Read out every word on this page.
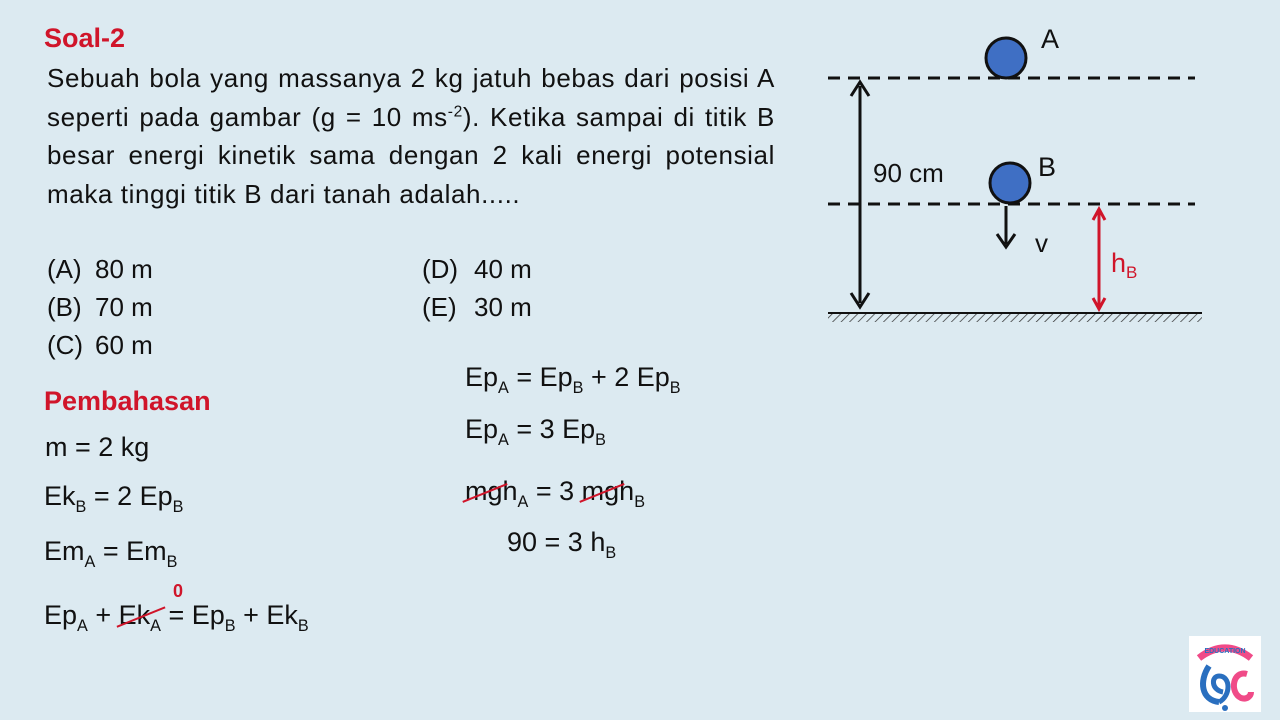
Soal-2
Sebuah bola yang massanya 2 kg jatuh bebas dari posisi A seperti pada gambar (g = 10 $ms^{-2}$). Ketika sampai di titik B besar energi kinetik sama dengan 2 kali energi potensial maka tinggi titik B dari tanah adalah.....
(A) 80 m
(B) 70 m
(C) 60 m
(D) 40 m
(E) 30 m
Pembahasan
m = 2 kg
$Ek_B = 2$ $Ep_B$
$Em_A = Em_B$
0
$Ep_A + Ek_A = Ep_B + Ek_B$
$Ep_A = Ep_B + 2$ $Ep_B$
$Ep_A = 3$ $Ep_B$
mgh$_A$ = 3 mgh$_B$
90 = 3 $h_B$
90 cm
A
B
v
$h_B$
EDUCATION
